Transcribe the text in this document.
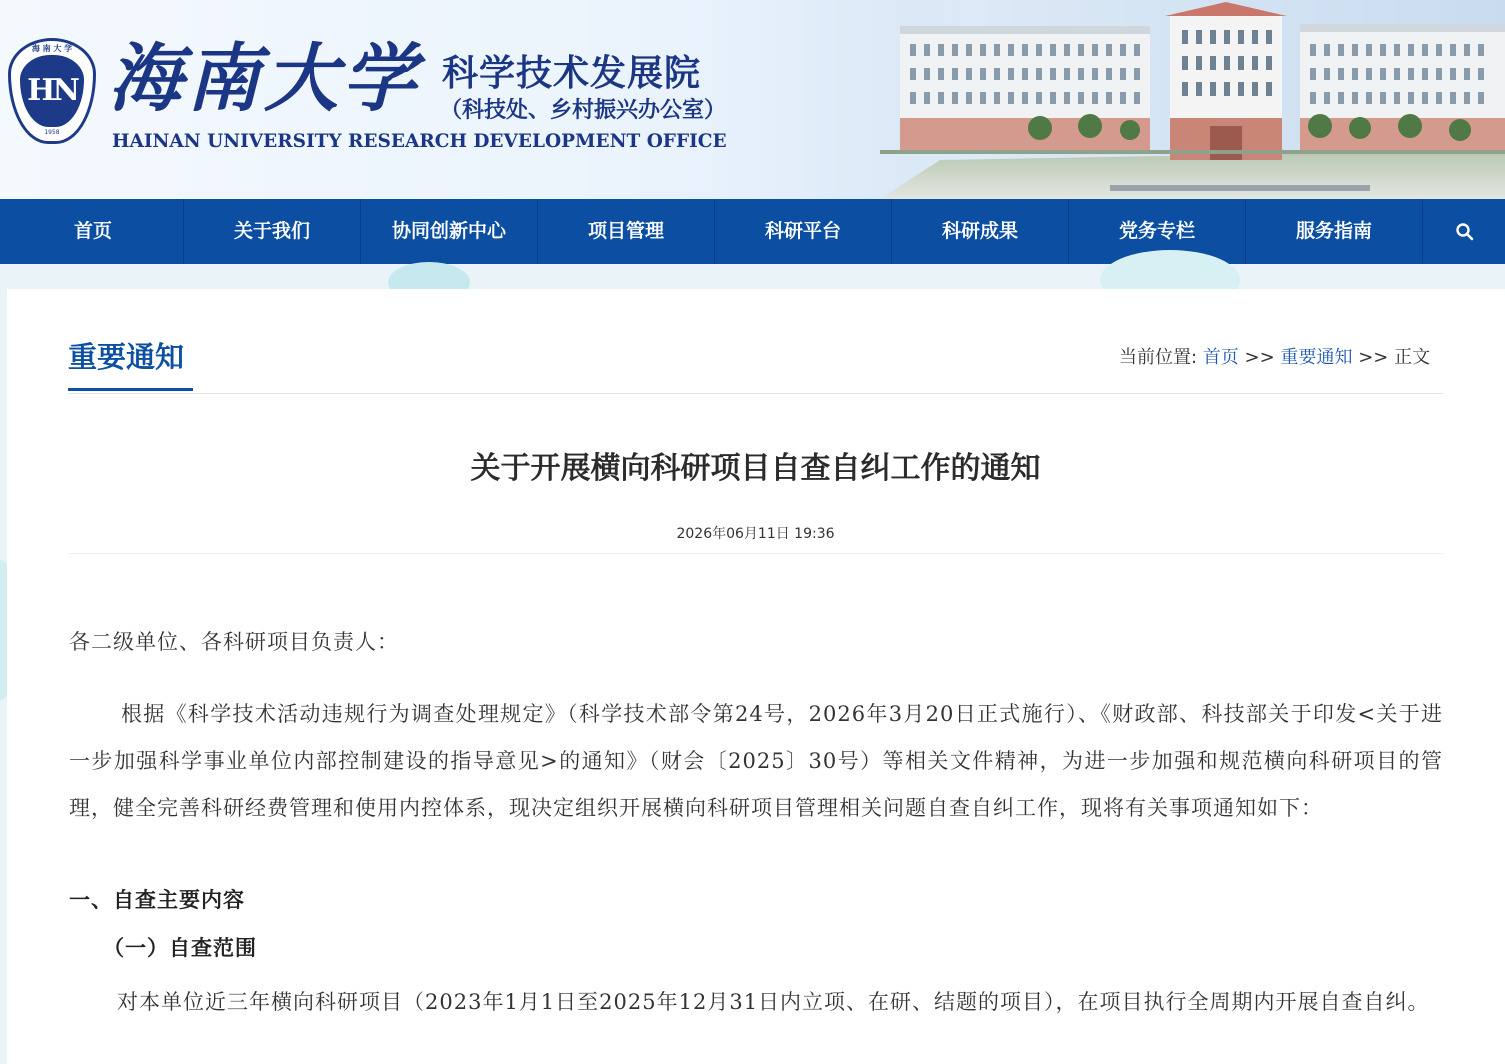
海 南 大 学
HN
1958
海南大学 科学技术发展院
（科技处、乡村振兴办公室）
HAINAN UNIVERSITY RESEARCH DEVELOPMENT OFFICE
首页	关于我们	协同创新中心	项目管理	科研平台	科研成果	党务专栏	服务指南
重要通知	当前位置: 首页 >> 重要通知 >> 正文
关于开展横向科研项目自查自纠工作的通知
2026年06月11日 19:36
各二级单位、各科研项目负责人：
根据《科学技术活动违规行为调查处理规定》（科学技术部令第24号，2026年3月20日正式施行）、《财政部、科技部关于印发<关于进一步加强科学事业单位内部控制建设的指导意见>的通知》（财会〔2025〕30号）等相关文件精神，为进一步加强和规范横向科研项目的管理，健全完善科研经费管理和使用内控体系，现决定组织开展横向科研项目管理相关问题自查自纠工作，现将有关事项通知如下：
一、自查主要内容
（一）自查范围
对本单位近三年横向科研项目（2023年1月1日至2025年12月31日内立项、在研、结题的项目），在项目执行全周期内开展自查自纠。
